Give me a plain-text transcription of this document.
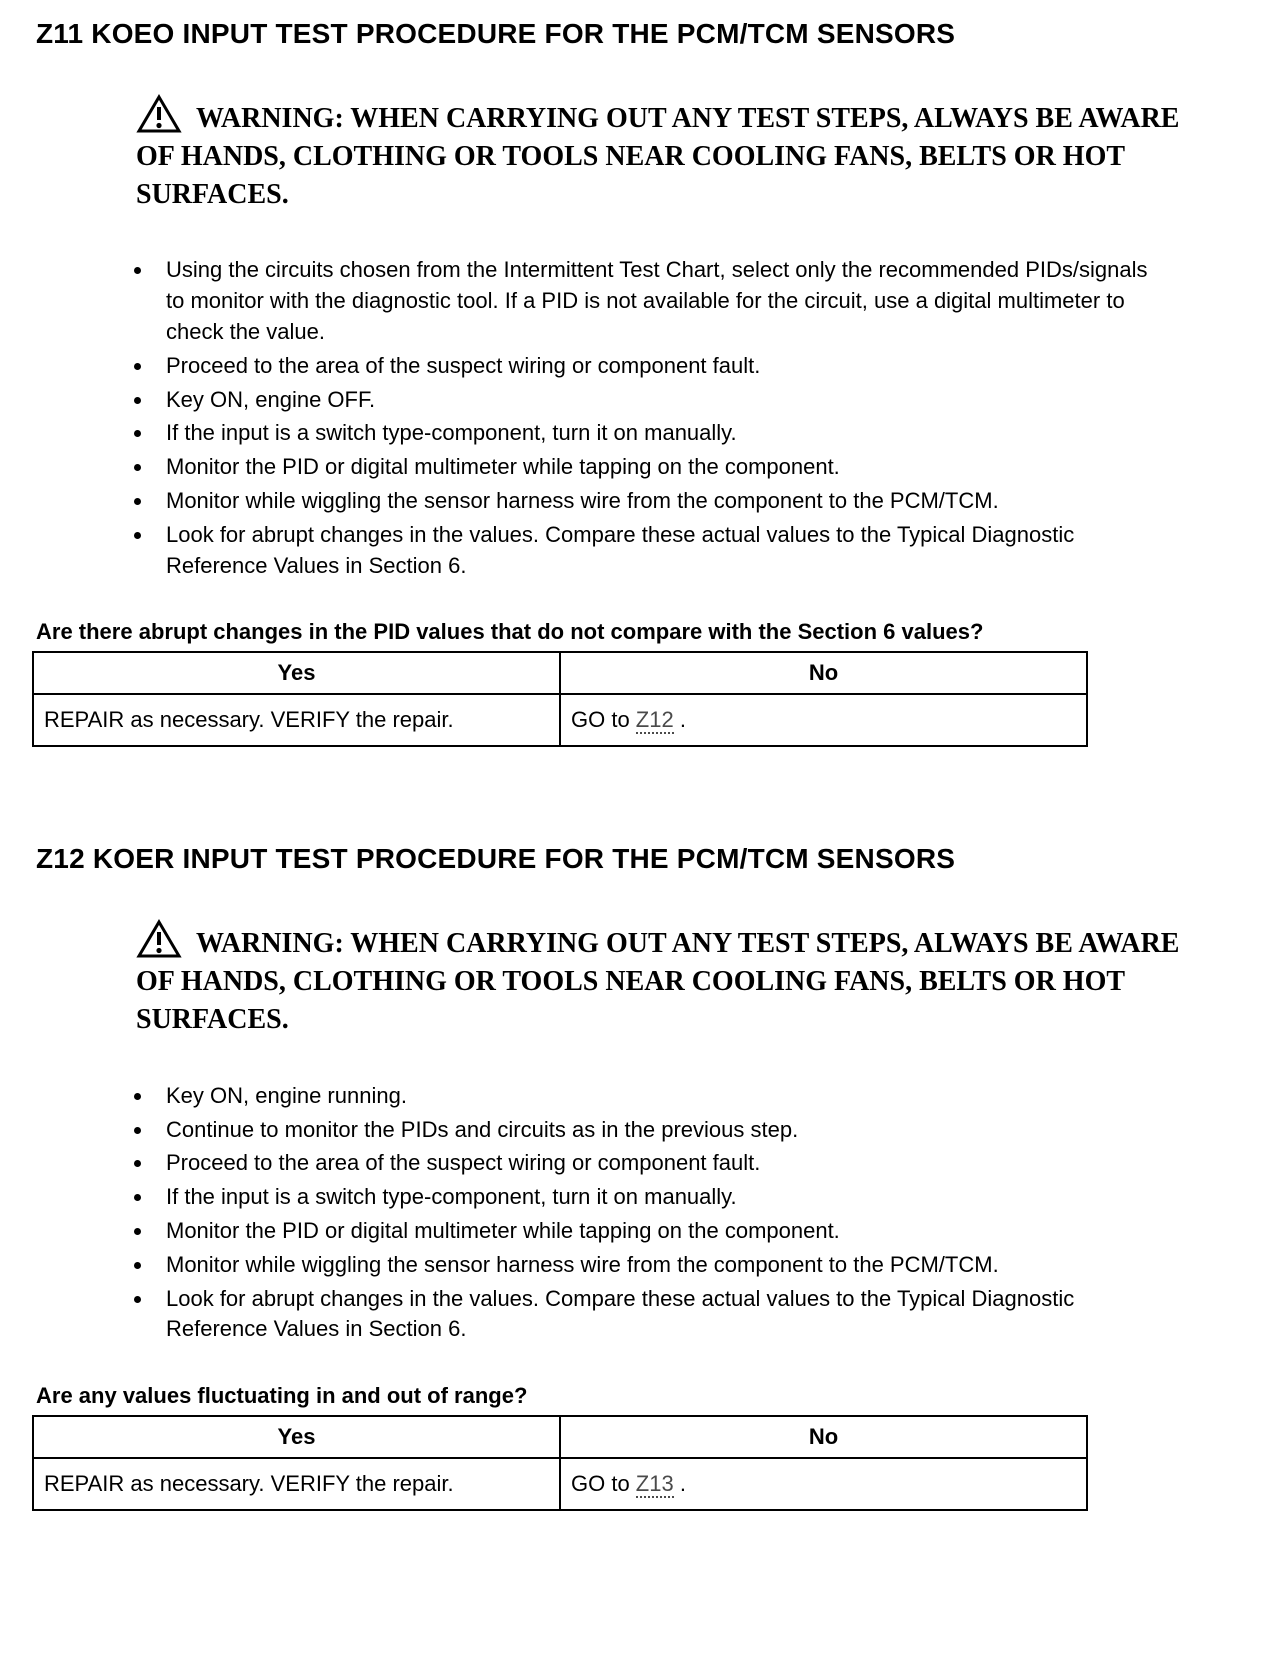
Z11 KOEO INPUT TEST PROCEDURE FOR THE PCM/TCM SENSORS
WARNING: WHEN CARRYING OUT ANY TEST STEPS, ALWAYS BE AWARE OF HANDS, CLOTHING OR TOOLS NEAR COOLING FANS, BELTS OR HOT SURFACES.
• Using the circuits chosen from the Intermittent Test Chart, select only the recommended PIDs/signals to monitor with the diagnostic tool. If a PID is not available for the circuit, use a digital multimeter to check the value.
• Proceed to the area of the suspect wiring or component fault.
• Key ON, engine OFF.
• If the input is a switch type-component, turn it on manually.
• Monitor the PID or digital multimeter while tapping on the component.
• Monitor while wiggling the sensor harness wire from the component to the PCM/TCM.
• Look for abrupt changes in the values. Compare these actual values to the Typical Diagnostic Reference Values in Section 6.

Are there abrupt changes in the PID values that do not compare with the Section 6 values?

Yes	No
REPAIR as necessary. VERIFY the repair.	GO to Z12 .
Z12 KOER INPUT TEST PROCEDURE FOR THE PCM/TCM SENSORS
WARNING: WHEN CARRYING OUT ANY TEST STEPS, ALWAYS BE AWARE OF HANDS, CLOTHING OR TOOLS NEAR COOLING FANS, BELTS OR HOT SURFACES.
• Key ON, engine running.
• Continue to monitor the PIDs and circuits as in the previous step.
• Proceed to the area of the suspect wiring or component fault.
• If the input is a switch type-component, turn it on manually.
• Monitor the PID or digital multimeter while tapping on the component.
• Monitor while wiggling the sensor harness wire from the component to the PCM/TCM.
• Look for abrupt changes in the values. Compare these actual values to the Typical Diagnostic Reference Values in Section 6.

Are any values fluctuating in and out of range?

Yes	No
REPAIR as necessary. VERIFY the repair.	GO to Z13 .
